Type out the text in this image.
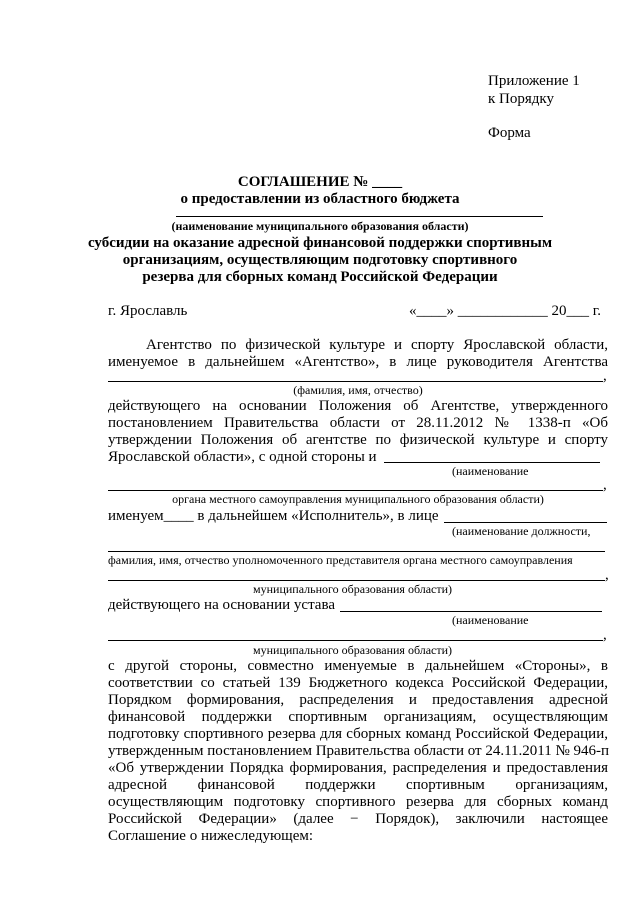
Приложение 1
к Порядку
Форма
СОГЛАШЕНИЕ № ____
о предоставлении из областного бюджета
(наименование муниципального образования области)
субсидии на оказание адресной финансовой поддержки спортивным
организациям, осуществляющим подготовку спортивного
резерва для сборных команд Российской Федерации
г. Ярославль	«____» ____________ 20___ г.
Агентство по физической культуре и спорту Ярославской области,
именуемое в дальнейшем «Агентство», в лице руководителя Агентства
,
(фамилия, имя, отчество)
действующего на основании Положения об Агентстве, утвержденного
постановлением Правительства области от 28.11.2012 № 1338-п «Об
утверждении Положения об агентстве по физической культуре и спорту
Ярославской области», с одной стороны и
(наименование
,
органа местного самоуправления муниципального образования области)
именуем____ в дальнейшем «Исполнитель», в лице
(наименование должности,
фамилия, имя, отчество уполномоченного представителя органа местного самоуправления
,
муниципального образования области)
действующего на основании устава
(наименование
,
муниципального образования области)
с другой стороны, совместно именуемые в дальнейшем «Стороны», в
соответствии со статьей 139 Бюджетного кодекса Российской Федерации,
Порядком формирования, распределения и предоставления адресной
финансовой поддержки спортивным организациям, осуществляющим
подготовку спортивного резерва для сборных команд Российской Федерации,
утвержденным постановлением Правительства области от 24.11.2011 № 946-п
«Об утверждении Порядка формирования, распределения и предоставления
адресной финансовой поддержки спортивным организациям,
осуществляющим подготовку спортивного резерва для сборных команд
Российской Федерации» (далее − Порядок), заключили настоящее
Соглашение о нижеследующем:
